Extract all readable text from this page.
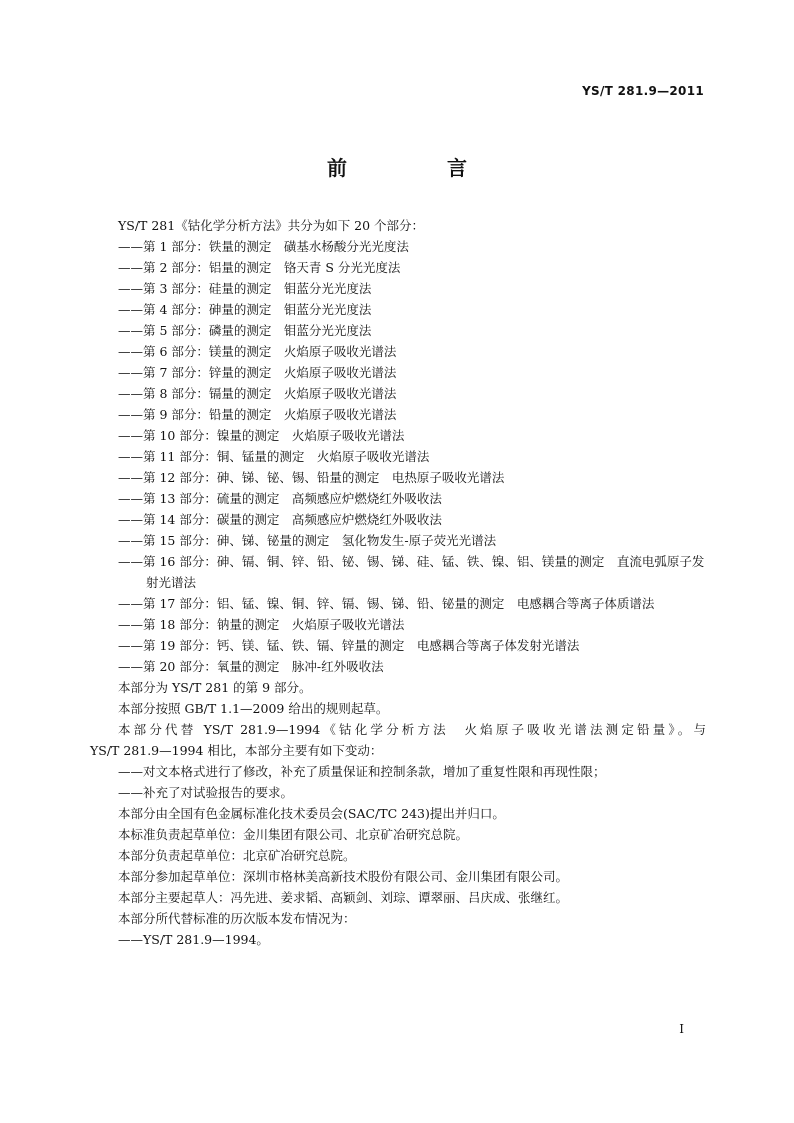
YS/T 281.9—2011
前　言

YS/T 281《钴化学分析方法》共分为如下 20 个部分：

——第 1 部分：铁量的测定　磺基水杨酸分光光度法

——第 2 部分：铝量的测定　铬天青 S 分光光度法

——第 3 部分：硅量的测定　钼蓝分光光度法

——第 4 部分：砷量的测定　钼蓝分光光度法

——第 5 部分：磷量的测定　钼蓝分光光度法

——第 6 部分：镁量的测定　火焰原子吸收光谱法

——第 7 部分：锌量的测定　火焰原子吸收光谱法

——第 8 部分：镉量的测定　火焰原子吸收光谱法

——第 9 部分：铅量的测定　火焰原子吸收光谱法

——第 10 部分：镍量的测定　火焰原子吸收光谱法

——第 11 部分：铜、锰量的测定　火焰原子吸收光谱法

——第 12 部分：砷、锑、铋、锡、铅量的测定　电热原子吸收光谱法

——第 13 部分：硫量的测定　高频感应炉燃烧红外吸收法

——第 14 部分：碳量的测定　高频感应炉燃烧红外吸收法

——第 15 部分：砷、锑、铋量的测定　氢化物发生-原子荧光光谱法

——第 16 部分：砷、镉、铜、锌、铅、铋、锡、锑、硅、锰、铁、镍、铝、镁量的测定　直流电弧原子发射光谱法

——第 17 部分：铝、锰、镍、铜、锌、镉、锡、锑、铅、铋量的测定　电感耦合等离子体质谱法

——第 18 部分：钠量的测定　火焰原子吸收光谱法

——第 19 部分：钙、镁、锰、铁、镉、锌量的测定　电感耦合等离子体发射光谱法

——第 20 部分：氧量的测定　脉冲-红外吸收法

本部分为 YS/T 281 的第 9 部分。

本部分按照 GB/T 1.1—2009 给出的规则起草。

本部分代替 YS/T 281.9—1994《钴化学分析方法　火焰原子吸收光谱法测定铅量》。与

YS/T 281.9—1994 相比，本部分主要有如下变动：

——对文本格式进行了修改，补充了质量保证和控制条款，增加了重复性限和再现性限；

——补充了对试验报告的要求。

本部分由全国有色金属标准化技术委员会(SAC/TC 243)提出并归口。

本标准负责起草单位：金川集团有限公司、北京矿冶研究总院。

本部分负责起草单位：北京矿冶研究总院。

本部分参加起草单位：深圳市格林美高新技术股份有限公司、金川集团有限公司。

本部分主要起草人：冯先进、姜求韬、高颖剑、刘琮、谭翠丽、吕庆成、张继红。

本部分所代替标准的历次版本发布情况为：

——YS/T 281.9—1994。

Ⅰ
